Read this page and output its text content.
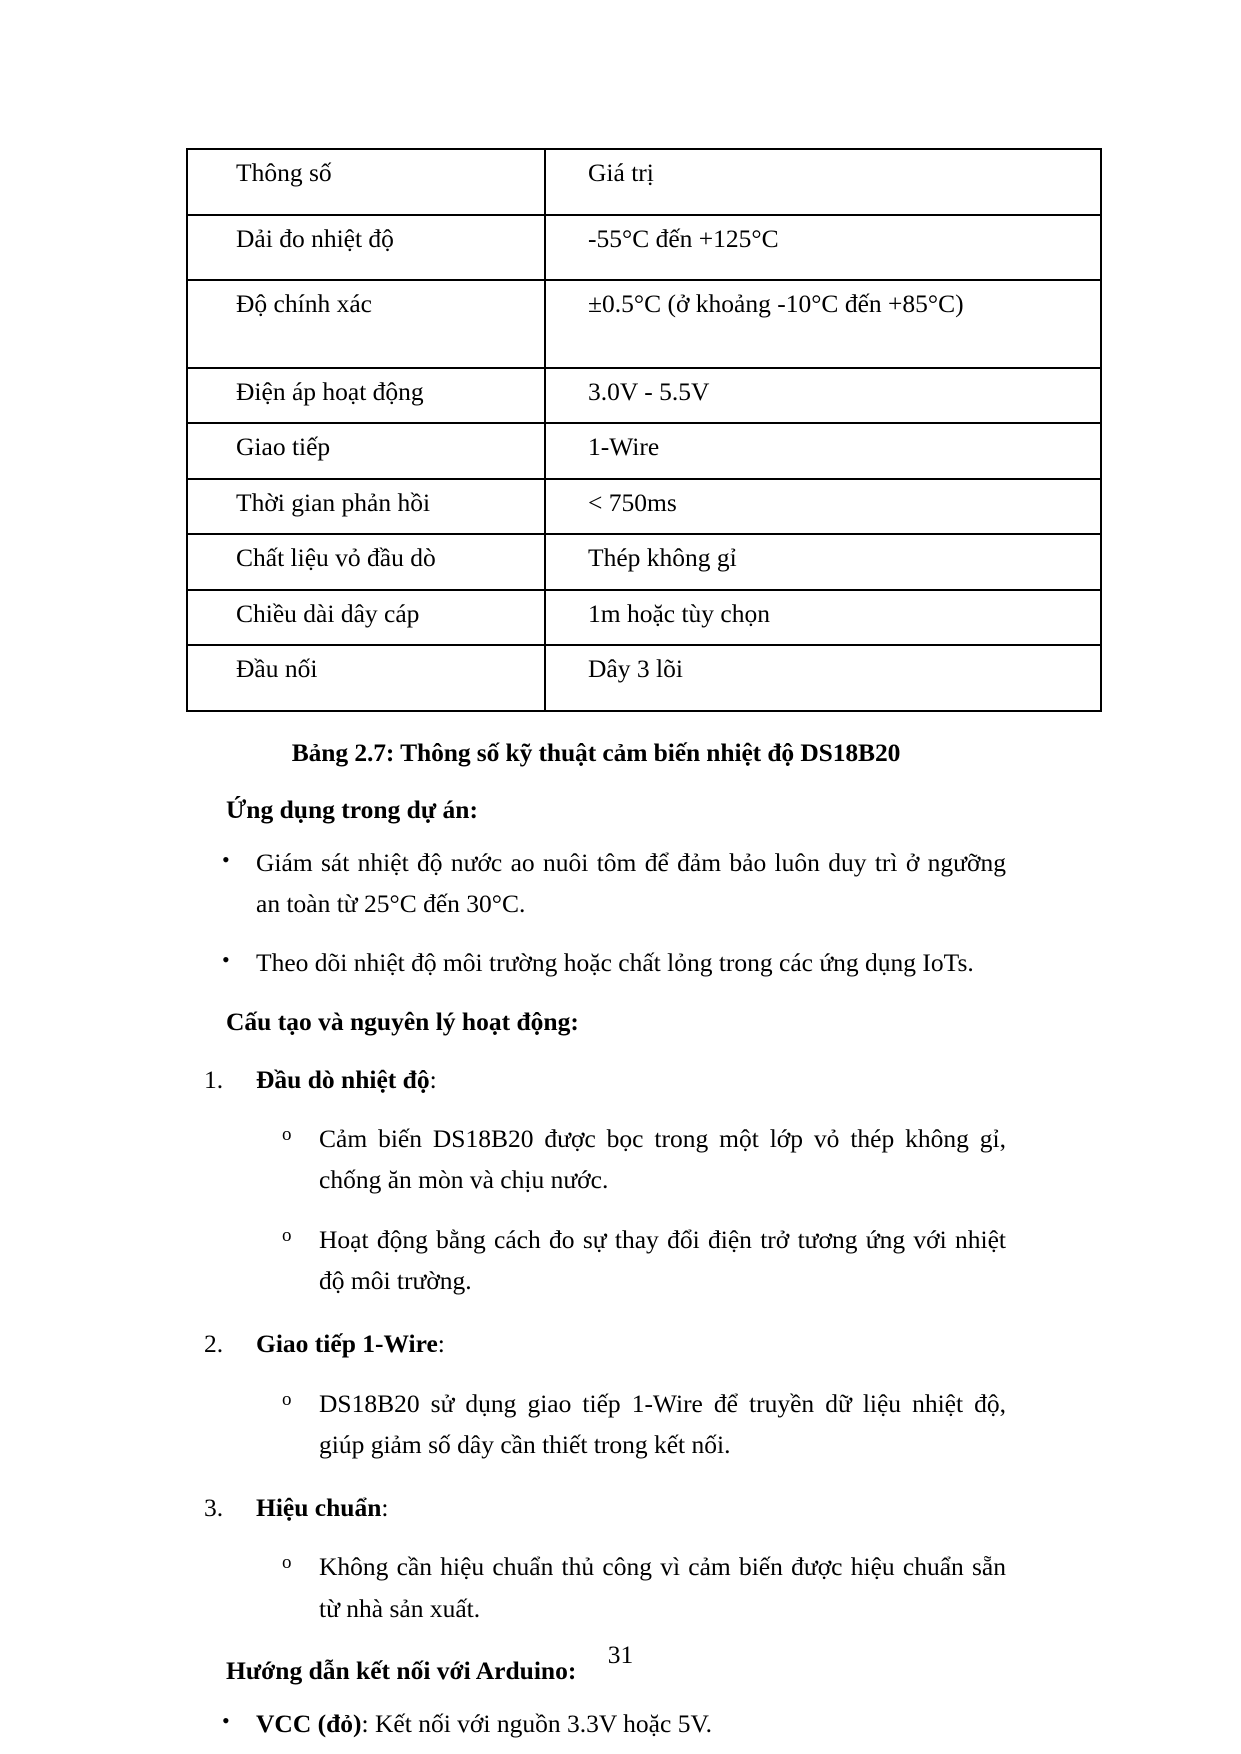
Thông số	Giá trị
Dải đo nhiệt độ	-55°C đến +125°C
Độ chính xác	±0.5°C (ở khoảng -10°C đến +85°C)
Điện áp hoạt động	3.0V - 5.5V
Giao tiếp	1-Wire
Thời gian phản hồi	< 750ms
Chất liệu vỏ đầu dò	Thép không gỉ
Chiều dài dây cáp	1m hoặc tùy chọn
Đầu nối	Dây 3 lõi
Bảng 2.7: Thông số kỹ thuật cảm biến nhiệt độ DS18B20
Ứng dụng trong dự án:
• Giám sát nhiệt độ nước ao nuôi tôm để đảm bảo luôn duy trì ở ngưỡng an toàn từ 25°C đến 30°C.
• Theo dõi nhiệt độ môi trường hoặc chất lỏng trong các ứng dụng IoTs.
Cấu tạo và nguyên lý hoạt động:
1. Đầu dò nhiệt độ:
o Cảm biến DS18B20 được bọc trong một lớp vỏ thép không gỉ, chống ăn mòn và chịu nước.
o Hoạt động bằng cách đo sự thay đổi điện trở tương ứng với nhiệt độ môi trường.
2. Giao tiếp 1-Wire:
o DS18B20 sử dụng giao tiếp 1-Wire để truyền dữ liệu nhiệt độ, giúp giảm số dây cần thiết trong kết nối.
3. Hiệu chuẩn:
o Không cần hiệu chuẩn thủ công vì cảm biến được hiệu chuẩn sẵn từ nhà sản xuất.
Hướng dẫn kết nối với Arduino:
• VCC (đỏ): Kết nối với nguồn 3.3V hoặc 5V.
31
